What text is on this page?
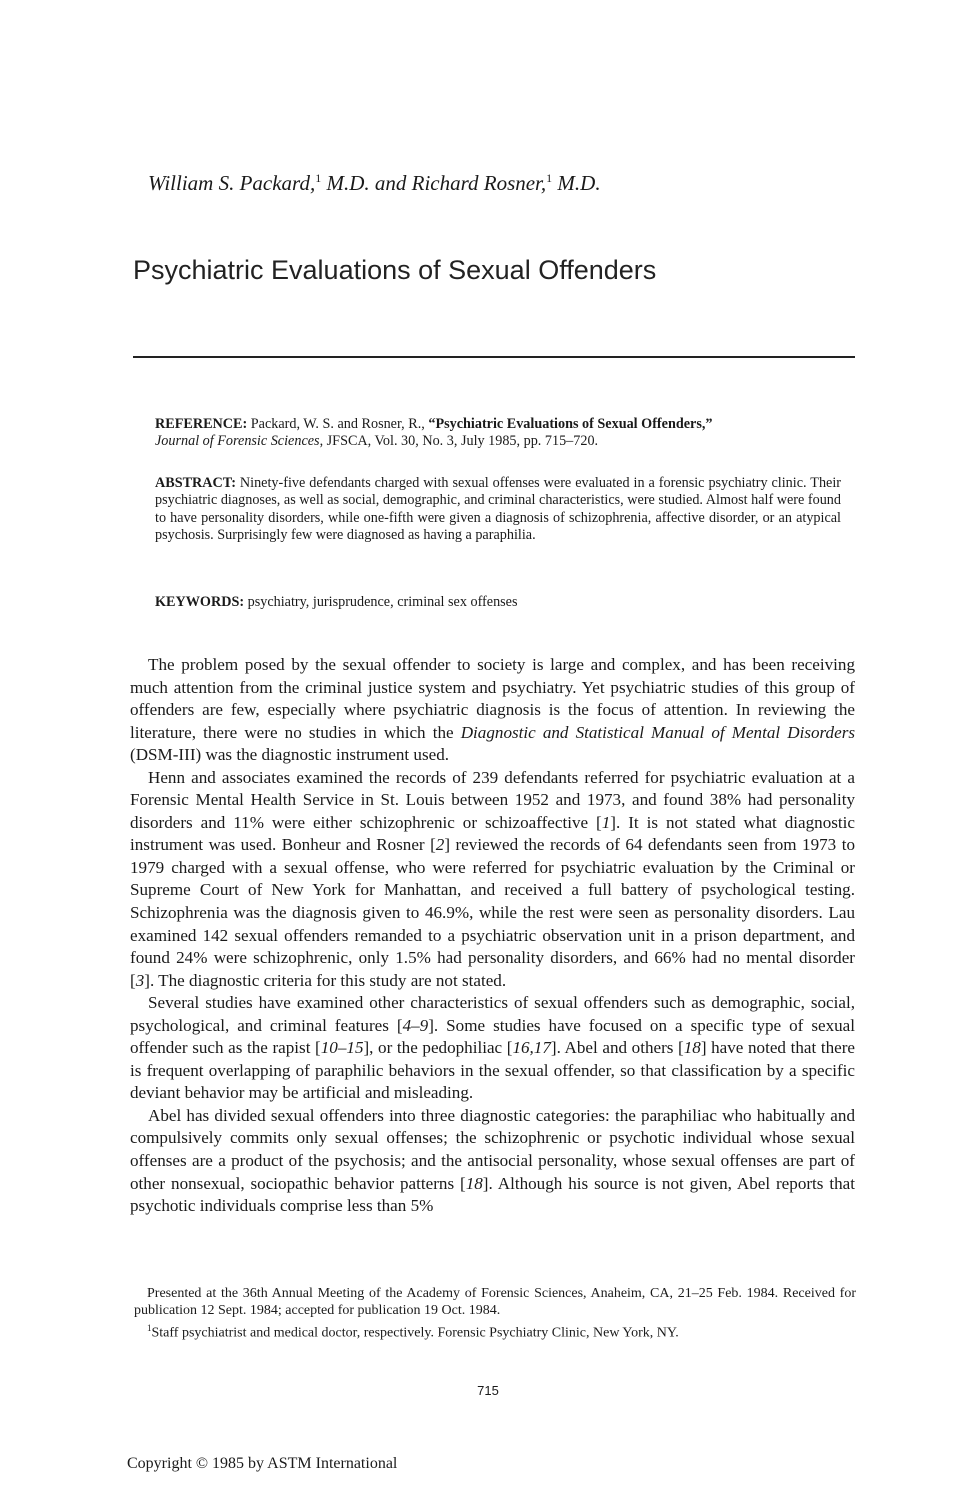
William S. Packard,$^1$ M.D. and Richard Rosner,$^1$ M.D.
Psychiatric Evaluations of Sexual Offenders
REFERENCE: Packard, W. S. and Rosner, R., “Psychiatric Evaluations of Sexual Offenders,”
Journal of Forensic Sciences, JFSCA, Vol. 30, No. 3, July 1985, pp. 715–720.
ABSTRACT: Ninety-five defendants charged with sexual offenses were evaluated in a forensic psychiatry clinic. Their psychiatric diagnoses, as well as social, demographic, and criminal characteristics, were studied. Almost half were found to have personality disorders, while one-fifth were given a diagnosis of schizophrenia, affective disorder, or an atypical psychosis. Surprisingly few were diagnosed as having a paraphilia.
KEYWORDS: psychiatry, jurisprudence, criminal sex offenses

The problem posed by the sexual offender to society is large and complex, and has been receiving much attention from the criminal justice system and psychiatry. Yet psychiatric studies of this group of offenders are few, especially where psychiatric diagnosis is the focus of attention. In reviewing the literature, there were no studies in which the Diagnostic and Statistical Manual of Mental Disorders (DSM-III) was the diagnostic instrument used.

Henn and associates examined the records of 239 defendants referred for psychiatric evaluation at a Forensic Mental Health Service in St. Louis between 1952 and 1973, and found 38% had personality disorders and 11% were either schizophrenic or schizoaffective [1]. It is not stated what diagnostic instrument was used. Bonheur and Rosner [2] reviewed the records of 64 defendants seen from 1973 to 1979 charged with a sexual offense, who were referred for psychiatric evaluation by the Criminal or Supreme Court of New York for Manhattan, and received a full battery of psychological testing. Schizophrenia was the diagnosis given to 46.9%, while the rest were seen as personality disorders. Lau examined 142 sexual offenders remanded to a psychiatric observation unit in a prison department, and found 24% were schizophrenic, only 1.5% had personality disorders, and 66% had no mental disorder [3]. The diagnostic criteria for this study are not stated.

Several studies have examined other characteristics of sexual offenders such as demographic, social, psychological, and criminal features [4–9]. Some studies have focused on a specific type of sexual offender such as the rapist [10–15], or the pedophiliac [16,17]. Abel and others [18] have noted that there is frequent overlapping of paraphilic behaviors in the sexual offender, so that classification by a specific deviant behavior may be artificial and misleading.

Abel has divided sexual offenders into three diagnostic categories: the paraphiliac who habitually and compulsively commits only sexual offenses; the schizophrenic or psychotic individual whose sexual offenses are a product of the psychosis; and the antisocial personality, whose sexual offenses are part of other nonsexual, sociopathic behavior patterns [18]. Although his source is not given, Abel reports that psychotic individuals comprise less than 5%

Presented at the 36th Annual Meeting of the Academy of Forensic Sciences, Anaheim, CA, 21–25 Feb. 1984. Received for publication 12 Sept. 1984; accepted for publication 19 Oct. 1984.

$^1$Staff psychiatrist and medical doctor, respectively. Forensic Psychiatry Clinic, New York, NY.

715
Copyright © 1985 by ASTM International
